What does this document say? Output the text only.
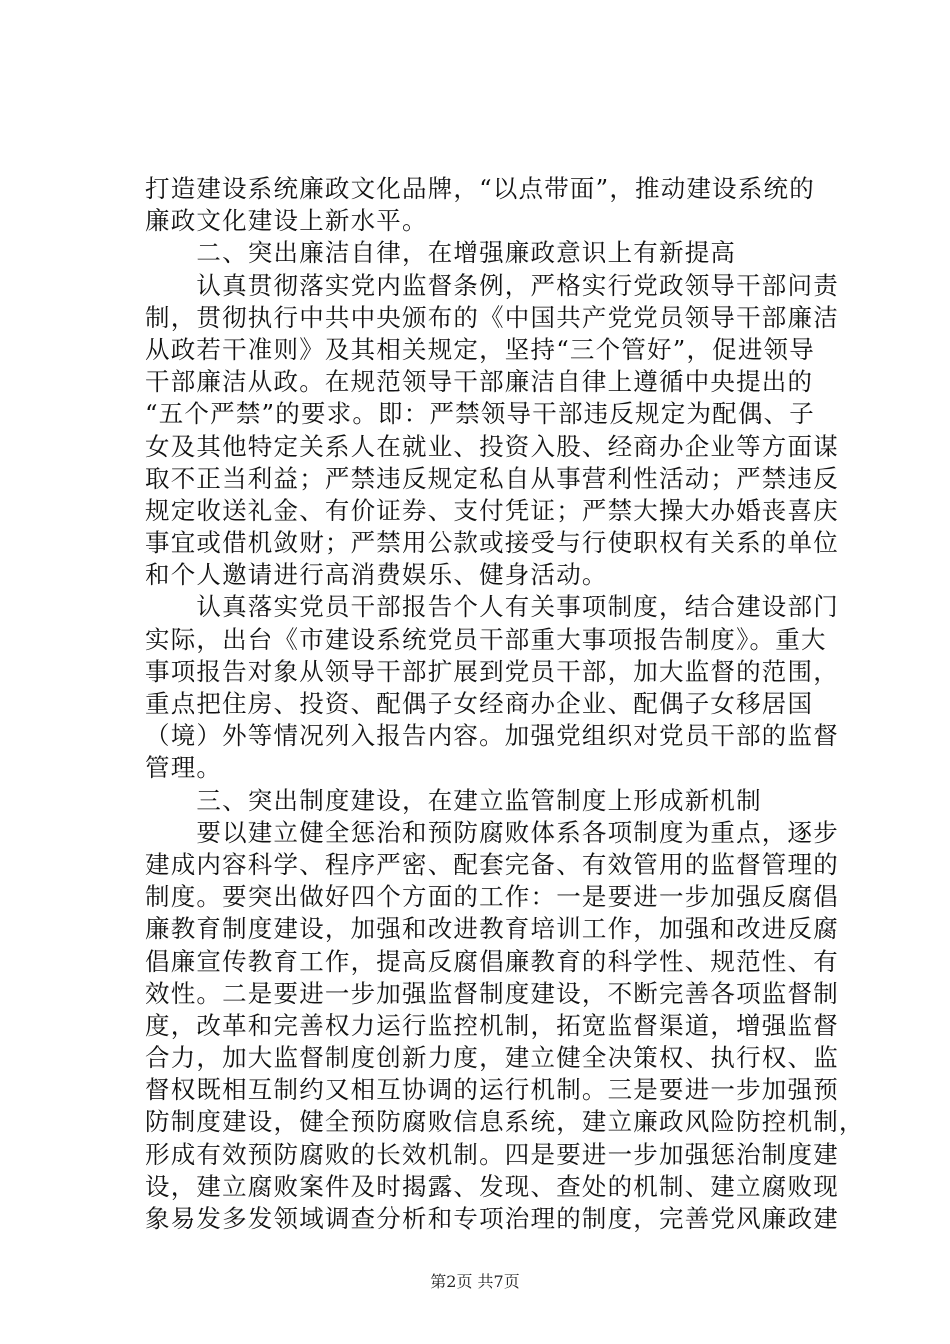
打造建设系统廉政文化品牌，“以点带面”，推动建设系统的
廉政文化建设上新水平。
　　二、突出廉洁自律，在增强廉政意识上有新提高
　　认真贯彻落实党内监督条例，严格实行党政领导干部问责
制，贯彻执行中共中央颁布的《中国共产党党员领导干部廉洁
从政若干准则》及其相关规定，坚持“三个管好”，促进领导
干部廉洁从政。在规范领导干部廉洁自律上遵循中央提出的
“五个严禁”的要求。即：严禁领导干部违反规定为配偶、子
女及其他特定关系人在就业、投资入股、经商办企业等方面谋
取不正当利益；严禁违反规定私自从事营利性活动；严禁违反
规定收送礼金、有价证券、支付凭证；严禁大操大办婚丧喜庆
事宜或借机敛财；严禁用公款或接受与行使职权有关系的单位
和个人邀请进行高消费娱乐、健身活动。
　　认真落实党员干部报告个人有关事项制度，结合建设部门
实际，出台《市建设系统党员干部重大事项报告制度》。重大
事项报告对象从领导干部扩展到党员干部，加大监督的范围，
重点把住房、投资、配偶子女经商办企业、配偶子女移居国
（境）外等情况列入报告内容。加强党组织对党员干部的监督
管理。
　　三、突出制度建设，在建立监管制度上形成新机制
　　要以建立健全惩治和预防腐败体系各项制度为重点，逐步
建成内容科学、程序严密、配套完备、有效管用的监督管理的
制度。要突出做好四个方面的工作：一是要进一步加强反腐倡
廉教育制度建设，加强和改进教育培训工作，加强和改进反腐
倡廉宣传教育工作，提高反腐倡廉教育的科学性、规范性、有
效性。二是要进一步加强监督制度建设，不断完善各项监督制
度，改革和完善权力运行监控机制，拓宽监督渠道，增强监督
合力，加大监督制度创新力度，建立健全决策权、执行权、监
督权既相互制约又相互协调的运行机制。三是要进一步加强预
防制度建设，健全预防腐败信息系统，建立廉政风险防控机制，
形成有效预防腐败的长效机制。四是要进一步加强惩治制度建
设，建立腐败案件及时揭露、发现、查处的机制、建立腐败现
象易发多发领域调查分析和专项治理的制度，完善党风廉政建
第2页 共7页
